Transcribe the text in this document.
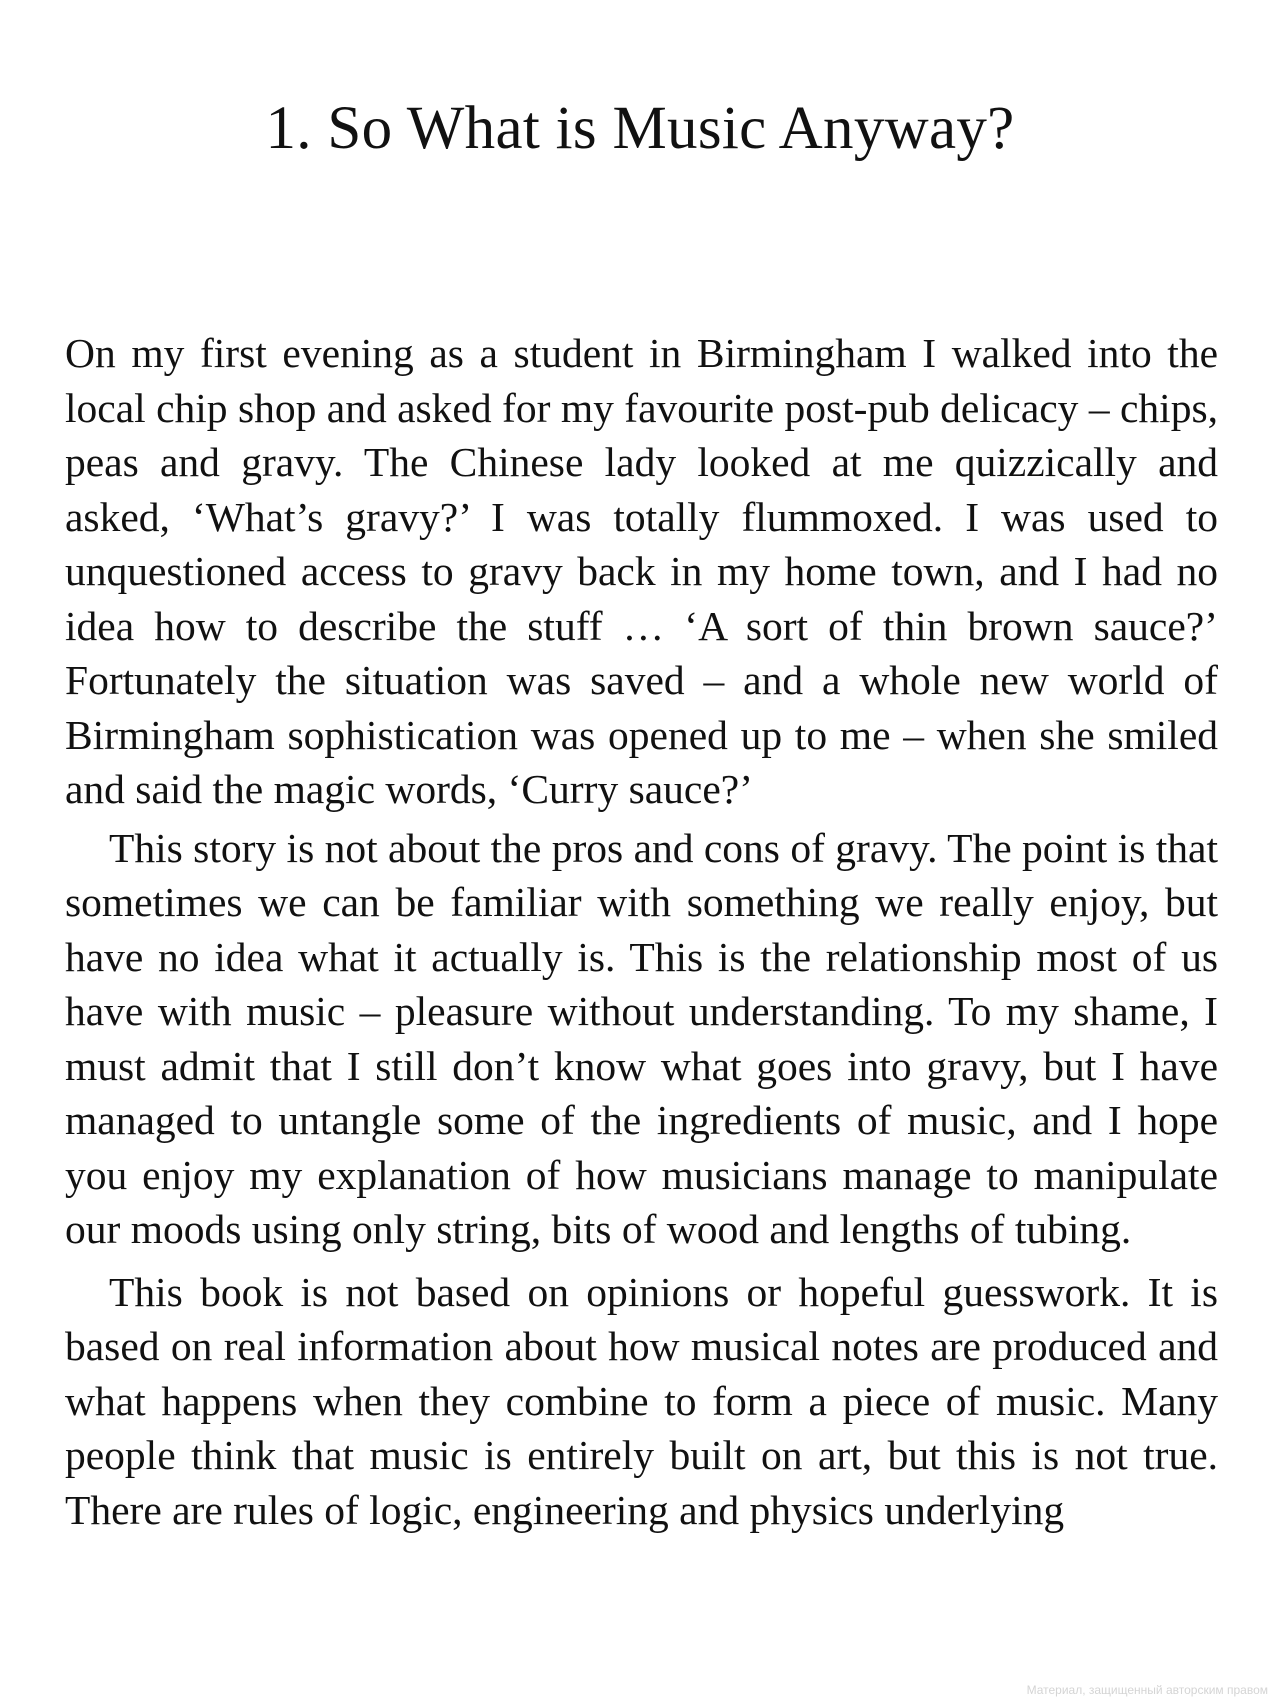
1. So What is Music Anyway?

On my first evening as a student in Birmingham I walked into the local chip shop and asked for my favourite post-pub delicacy – chips, peas and gravy. The Chinese lady looked at me quizzically and asked, ‘What’s gravy?’ I was totally flummoxed. I was used to unquestioned access to gravy back in my home town, and I had no idea how to describe the stuff … ‘A sort of thin brown sauce?’ Fortunately the situation was saved – and a whole new world of Birmingham sophistication was opened up to me – when she smiled and said the magic words, ‘Curry sauce?’

This story is not about the pros and cons of gravy. The point is that sometimes we can be familiar with something we really enjoy, but have no idea what it actually is. This is the relationship most of us have with music – pleasure without understanding. To my shame, I must admit that I still don’t know what goes into gravy, but I have managed to untangle some of the ingredients of music, and I hope you enjoy my explanation of how musicians manage to manipulate our moods using only string, bits of wood and lengths of tubing.

This book is not based on opinions or hopeful guesswork. It is based on real information about how musical notes are produced and what happens when they combine to form a piece of music. Many people think that music is entirely built on art, but this is not true. There are rules of logic, engineering and physics underlying

Материал, защищенный авторским правом
